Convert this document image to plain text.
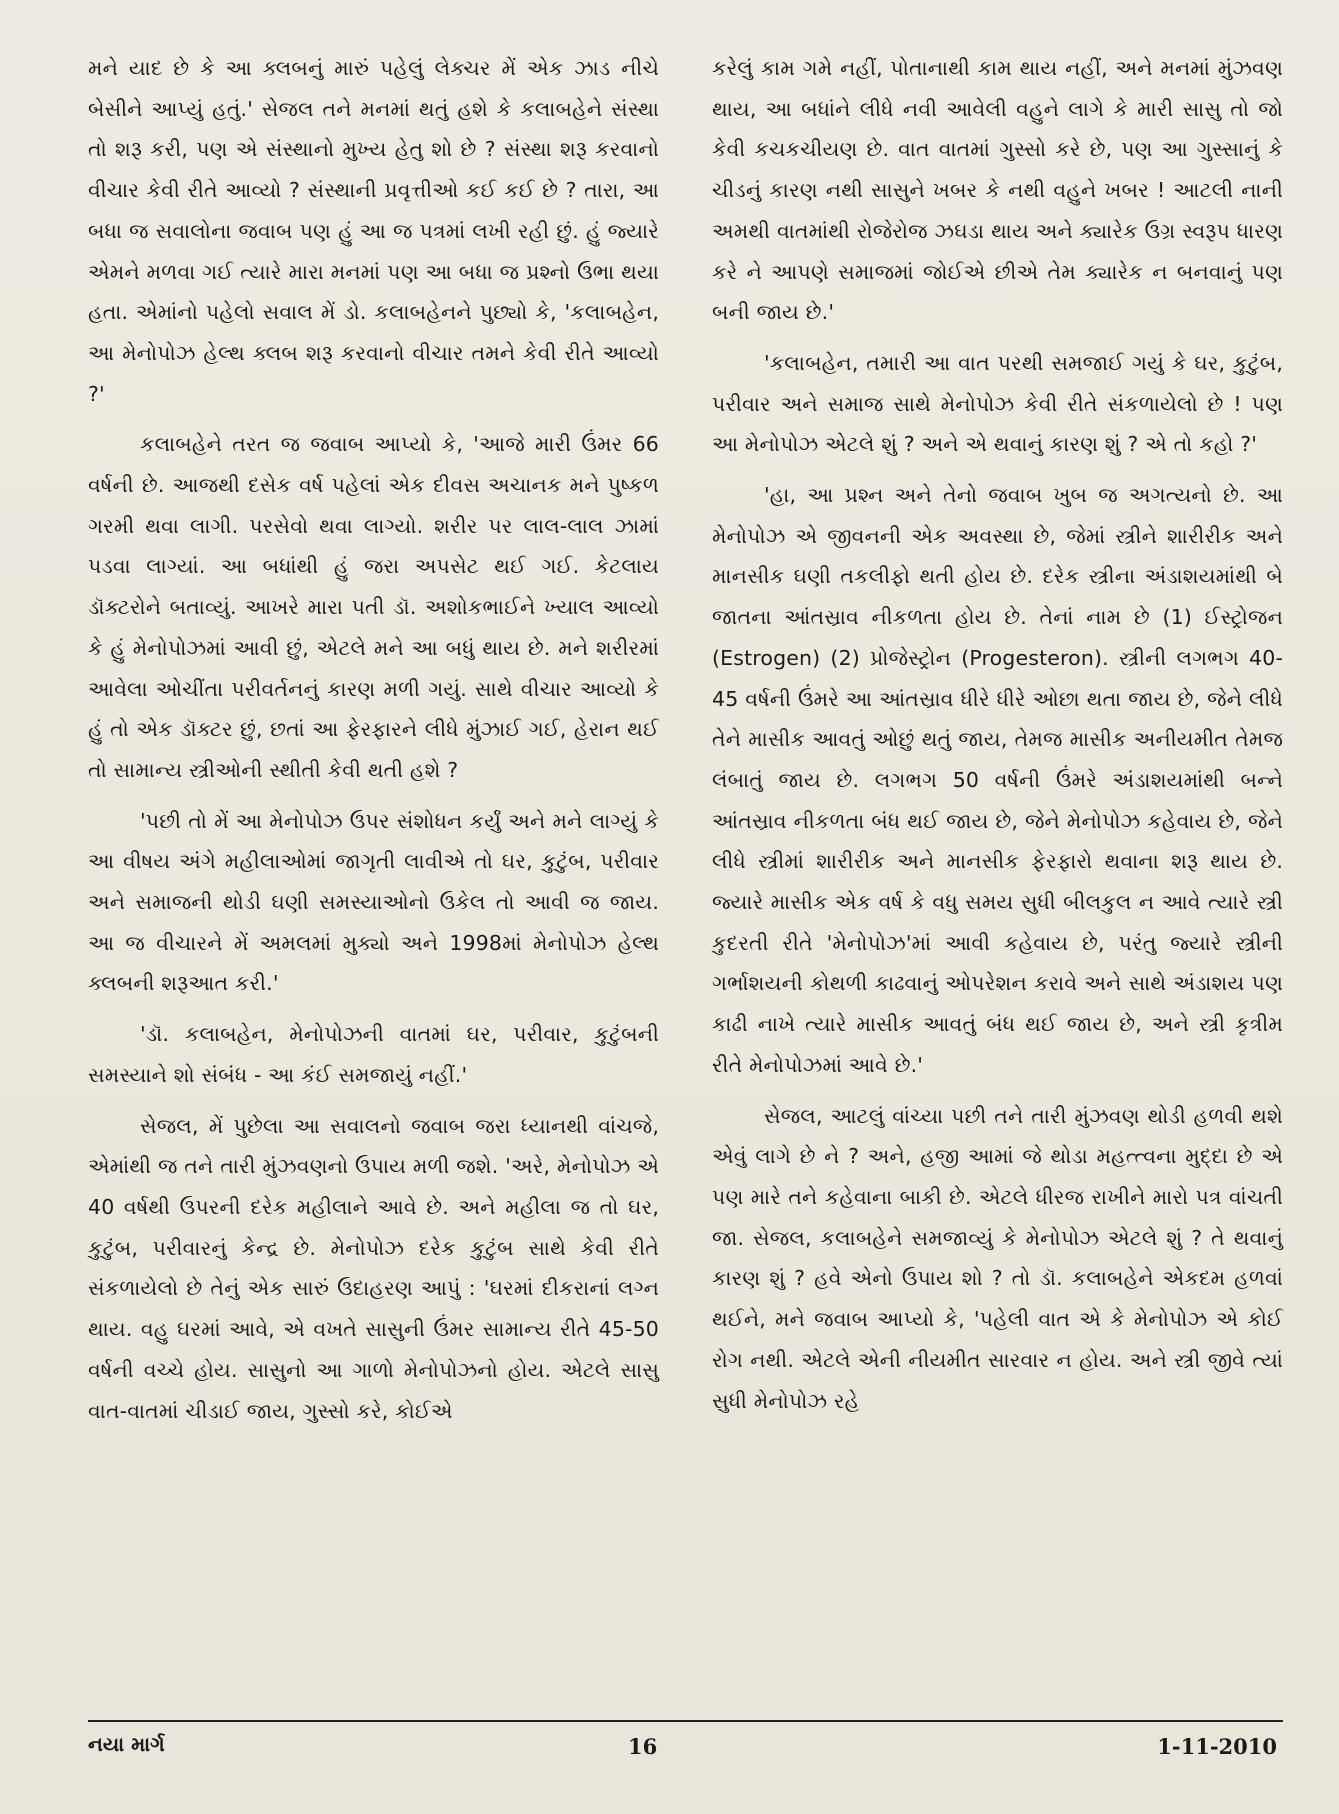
મને યાદ છે કે આ ક્લબનું મારું પહેલું લેક્ચર મેં એક ઝાડ નીચે બેસીને આપ્યું હતું.' સેજલ તને મનમાં થતું હશે કે કલાબહેને સંસ્થા તો શરૂ કરી, પણ એ સંસ્થાનો મુખ્ય હેતુ શો છે ? સંસ્થા શરૂ કરવાનો વીચાર કેવી રીતે આવ્યો ? સંસ્થાની પ્રવૃત્તીઓ કઈ કઈ છે ? તારા, આ બધા જ સવાલોના જવાબ પણ હું આ જ પત્રમાં લખી રહી છું. હું જ્યારે એમને મળવા ગઈ ત્યારે મારા મનમાં પણ આ બધા જ પ્રશ્નો ઉભા થયા હતા. એમાંનો પહેલો સવાલ મેં ડો. કલાબહેનને પુછ્યો કે, 'કલાબહેન, આ મેનોપોઝ હેલ્થ ક્લબ શરૂ કરવાનો વીચાર તમને કેવી રીતે આવ્યો ?'

કલાબહેને તરત જ જવાબ આપ્યો કે, 'આજે મારી ઉંમર 66 વર્ષની છે. આજથી દસેક વર્ષ પહેલાં એક દીવસ અચાનક મને પુષ્કળ ગરમી થવા લાગી. પરસેવો થવા લાગ્યો. શરીર પર લાલ-લાલ ઝામાં પડવા લાગ્યાં. આ બધાંથી હું જરા અપસેટ થઈ ગઈ. કેટલાય ડૉક્ટરોને બતાવ્યું. આખરે મારા પતી ડૉ. અશોકભાઈને ખ્યાલ આવ્યો કે હું મેનોપોઝમાં આવી છું, એટલે મને આ બધું થાય છે. મને શરીરમાં આવેલા ઓચીંતા પરીવર્તનનું કારણ મળી ગયું. સાથે વીચાર આવ્યો કે હું તો એક ડૉક્ટર છું, છતાં આ ફેરફારને લીધે મુંઝાઈ ગઈ, હેરાન થઈ તો સામાન્ય સ્ત્રીઓની સ્થીતી કેવી થતી હશે ?

'પછી તો મેં આ મેનોપોઝ ઉપર સંશોધન કર્યું અને મને લાગ્યું કે આ વીષય અંગે મહીલાઓમાં જાગૃતી લાવીએ તો ઘર, કુટુંબ, પરીવાર અને સમાજની થોડી ઘણી સમસ્યાઓનો ઉકેલ તો આવી જ જાય. આ જ વીચારને મેં અમલમાં મુક્યો અને 1998માં મેનોપોઝ હેલ્થ ક્લબની શરૂઆત કરી.'

'ડૉ. કલાબહેન, મેનોપોઝની વાતમાં ઘર, પરીવાર, કુટુંબની સમસ્યાને શો સંબંધ - આ કંઈ સમજાયું નહીં.'

સેજલ, મેં પુછેલા આ સવાલનો જવાબ જરા ધ્યાનથી વાંચજે, એમાંથી જ તને તારી મુંઝવણનો ઉપાય મળી જશે. 'અરે, મેનોપોઝ એ 40 વર્ષથી ઉપરની દરેક મહીલાને આવે છે. અને મહીલા જ તો ઘર, કુટુંબ, પરીવારનું કેન્દ્ર છે. મેનોપોઝ દરેક કુટુંબ સાથે કેવી રીતે સંકળાયેલો છે તેનું એક સારું ઉદાહરણ આપું : 'ઘરમાં દીકરાનાં લગ્ન થાય. વહુ ઘરમાં આવે, એ વખતે સાસુની ઉંમર સામાન્ય રીતે 45-50 વર્ષની વચ્ચે હોય. સાસુનો આ ગાળો મેનોપોઝનો હોય. એટલે સાસુ વાત-વાતમાં ચીડાઈ જાય, ગુસ્સો કરે, કોઈએ

કરેલું કામ ગમે નહીં, પોતાનાથી કામ થાય નહીં, અને મનમાં મુંઝવણ થાય, આ બધાંને લીધે નવી આવેલી વહુને લાગે કે મારી સાસુ તો જો કેવી કચકચીયણ છે. વાત વાતમાં ગુસ્સો કરે છે, પણ આ ગુસ્સાનું કે ચીડનું કારણ નથી સાસુને ખબર કે નથી વહુને ખબર ! આટલી નાની અમથી વાતમાંથી રોજેરોજ ઝઘડા થાય અને ક્યારેક ઉગ્ર સ્વરૂપ ધારણ કરે ને આપણે સમાજમાં જોઈએ છીએ તેમ ક્યારેક ન બનવાનું પણ બની જાય છે.'

'કલાબહેન, તમારી આ વાત પરથી સમજાઈ ગયું કે ઘર, કુટુંબ, પરીવાર અને સમાજ સાથે મેનોપોઝ કેવી રીતે સંકળાયેલો છે ! પણ આ મેનોપોઝ એટલે શું ? અને એ થવાનું કારણ શું ? એ તો કહો ?'

'હા, આ પ્રશ્ન અને તેનો જવાબ ખુબ જ અગત્યનો છે. આ મેનોપોઝ એ જીવનની એક અવસ્થા છે, જેમાં સ્ત્રીને શારીરીક અને માનસીક ઘણી તકલીફો થતી હોય છે. દરેક સ્ત્રીના અંડાશયમાંથી બે જાતના આંતસ્રાવ નીકળતા હોય છે. તેનાં નામ છે (1) ઈસ્ટ્રોજન (Estrogen) (2) પ્રોજેસ્ટ્રોન (Progesteron). સ્ત્રીની લગભગ 40-45 વર્ષની ઉંમરે આ આંતસ્રાવ ધીરે ધીરે ઓછા થતા જાય છે, જેને લીધે તેને માસીક આવતું ઓછું થતું જાય, તેમજ માસીક અનીયમીત તેમજ લંબાતું જાય છે. લગભગ 50 વર્ષની ઉંમરે અંડાશયમાંથી બન્ને આંતસ્રાવ નીકળતા બંધ થઈ જાય છે, જેને મેનોપોઝ કહેવાય છે, જેને લીધે સ્ત્રીમાં શારીરીક અને માનસીક ફેરફારો થવાના શરૂ થાય છે. જ્યારે માસીક એક વર્ષ કે વધુ સમય સુધી બીલકુલ ન આવે ત્યારે સ્ત્રી કુદરતી રીતે 'મેનોપોઝ'માં આવી કહેવાય છે, પરંતુ જ્યારે સ્ત્રીની ગર્ભાશયની કોથળી કાઢવાનું ઓપરેશન કરાવે અને સાથે અંડાશય પણ કાઢી નાખે ત્યારે માસીક આવતું બંધ થઈ જાય છે, અને સ્ત્રી કૃત્રીમ રીતે મેનોપોઝમાં આવે છે.'

સેજલ, આટલું વાંચ્યા પછી તને તારી મુંઝવણ થોડી હળવી થશે એવું લાગે છે ને ? અને, હજી આમાં જે થોડા મહત્ત્વના મુદ્દા છે એ પણ મારે તને કહેવાના બાકી છે. એટલે ધીરજ રાખીને મારો પત્ર વાંચતી જા. સેજલ, કલાબહેને સમજાવ્યું કે મેનોપોઝ એટલે શું ? તે થવાનું કારણ શું ? હવે એનો ઉપાય શો ? તો ડૉ. કલાબહેને એકદમ હળવાં થઈને, મને જવાબ આપ્યો કે, 'પહેલી વાત એ કે મેનોપોઝ એ કોઈ રોગ નથી. એટલે એની નીયમીત સારવાર ન હોય. અને સ્ત્રી જીવે ત્યાં સુધી મેનોપોઝ રહે

નયા માર્ગ	16	1-11-2010
